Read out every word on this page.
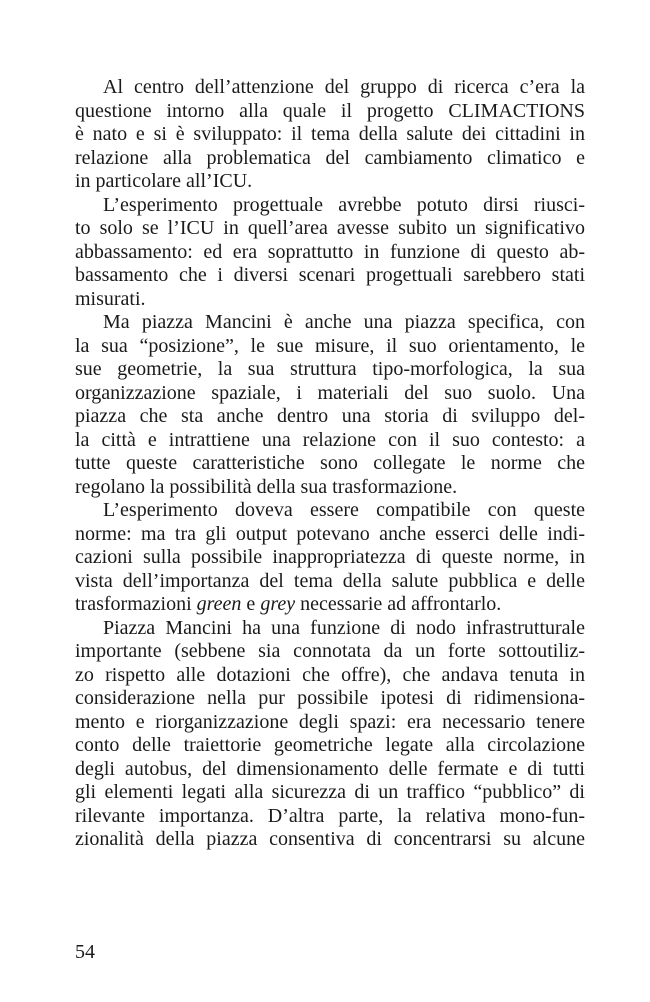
Al centro dell’attenzione del gruppo di ricerca c’era la
questione intorno alla quale il progetto CLIMACTIONS
è nato e si è sviluppato: il tema della salute dei cittadini in
relazione alla problematica del cambiamento climatico e
in particolare all’ICU.
L’esperimento progettuale avrebbe potuto dirsi riusci-
to solo se l’ICU in quell’area avesse subito un significativo
abbassamento: ed era soprattutto in funzione di questo ab-
bassamento che i diversi scenari progettuali sarebbero stati
misurati.
Ma piazza Mancini è anche una piazza specifica, con
la sua “posizione”, le sue misure, il suo orientamento, le
sue geometrie, la sua struttura tipo-morfologica, la sua
organizzazione spaziale, i materiali del suo suolo. Una
piazza che sta anche dentro una storia di sviluppo del-
la città e intrattiene una relazione con il suo contesto: a
tutte queste caratteristiche sono collegate le norme che
regolano la possibilità della sua trasformazione.
L’esperimento doveva essere compatibile con queste
norme: ma tra gli output potevano anche esserci delle indi-
cazioni sulla possibile inappropriatezza di queste norme, in
vista dell’importanza del tema della salute pubblica e delle
trasformazioni green e grey necessarie ad affrontarlo.
Piazza Mancini ha una funzione di nodo infrastrutturale
importante (sebbene sia connotata da un forte sottoutiliz-
zo rispetto alle dotazioni che offre), che andava tenuta in
considerazione nella pur possibile ipotesi di ridimensiona-
mento e riorganizzazione degli spazi: era necessario tenere
conto delle traiettorie geometriche legate alla circolazione
degli autobus, del dimensionamento delle fermate e di tutti
gli elementi legati alla sicurezza di un traffico “pubblico” di
rilevante importanza. D’altra parte, la relativa mono-fun-
zionalità della piazza consentiva di concentrarsi su alcune
54
